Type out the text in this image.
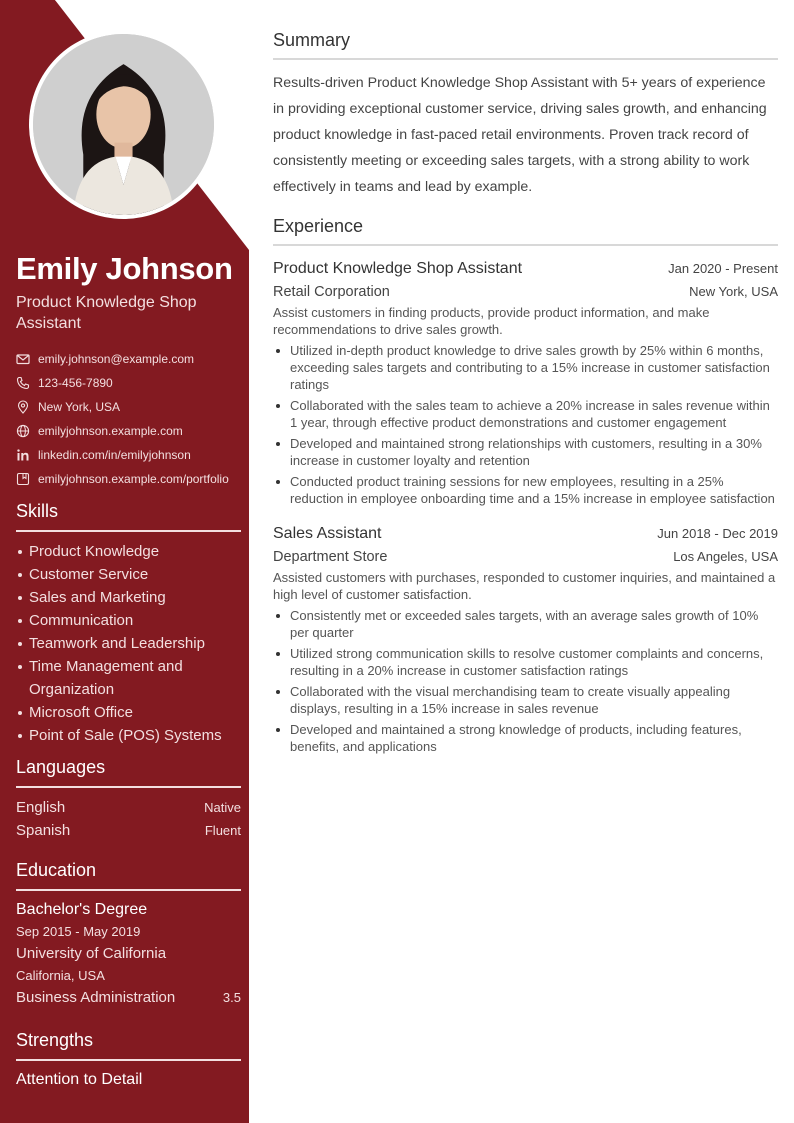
Emily Johnson
Product Knowledge Shop Assistant
emily.johnson@example.com
123-456-7890
New York, USA
emilyjohnson.example.com
linkedin.com/in/emilyjohnson
emilyjohnson.example.com/portfolio
Skills
Product Knowledge
Customer Service
Sales and Marketing
Communication
Teamwork and Leadership
Time Management and Organization
Microsoft Office
Point of Sale (POS) Systems
Languages
English	Native
Spanish	Fluent
Education
Bachelor's Degree
Sep 2015 - May 2019
University of California
California, USA
Business Administration	3.5
Strengths
Attention to Detail
Summary

Results-driven Product Knowledge Shop Assistant with 5+ years of experience in providing exceptional customer service, driving sales growth, and enhancing product knowledge in fast-paced retail environments. Proven track record of consistently meeting or exceeding sales targets, with a strong ability to work effectively in teams and lead by example.

Experience
Product Knowledge Shop Assistant	Jan 2020 - Present
Retail Corporation	New York, USA

Assist customers in finding products, provide product information, and make recommendations to drive sales growth.

Utilized in-depth product knowledge to drive sales growth by 25% within 6 months, exceeding sales targets and contributing to a 15% increase in customer satisfaction ratings
Collaborated with the sales team to achieve a 20% increase in sales revenue within 1 year, through effective product demonstrations and customer engagement
Developed and maintained strong relationships with customers, resulting in a 30% increase in customer loyalty and retention
Conducted product training sessions for new employees, resulting in a 25% reduction in employee onboarding time and a 15% increase in employee satisfaction
Sales Assistant	Jun 2018 - Dec 2019
Department Store	Los Angeles, USA

Assisted customers with purchases, responded to customer inquiries, and maintained a high level of customer satisfaction.

Consistently met or exceeded sales targets, with an average sales growth of 10% per quarter
Utilized strong communication skills to resolve customer complaints and concerns, resulting in a 20% increase in customer satisfaction ratings
Collaborated with the visual merchandising team to create visually appealing displays, resulting in a 15% increase in sales revenue
Developed and maintained a strong knowledge of products, including features, benefits, and applications
